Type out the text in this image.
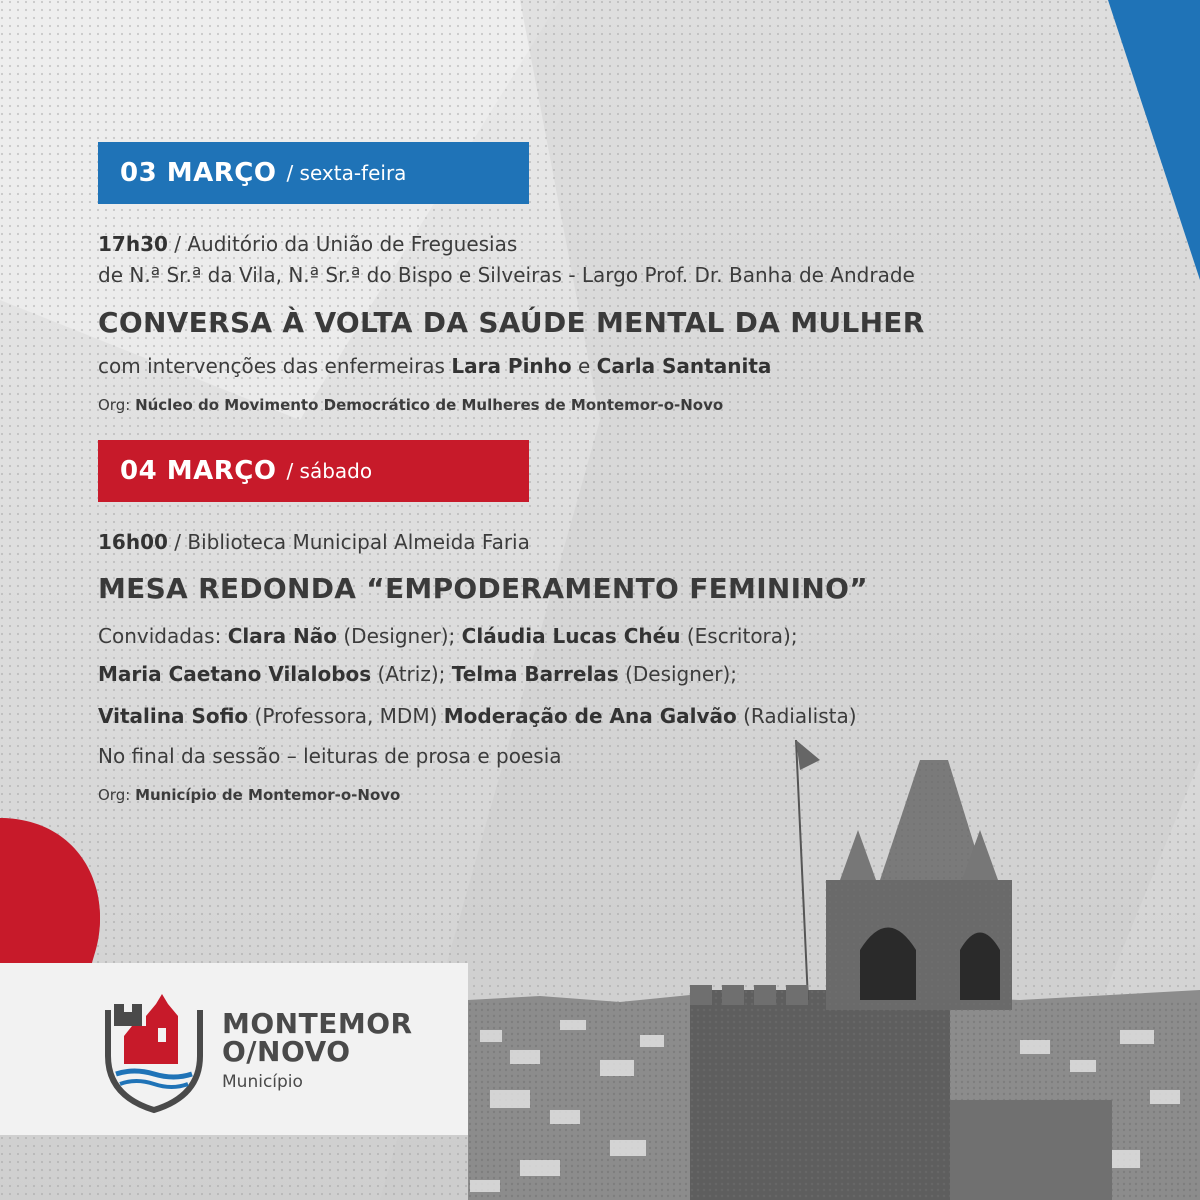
03 MARÇO / sexta-feira
17h30 / Auditório da União de Freguesias
de N.ª Sr.ª da Vila, N.ª Sr.ª do Bispo e Silveiras - Largo Prof. Dr. Banha de Andrade
CONVERSA À VOLTA DA SAÚDE MENTAL DA MULHER
com intervenções das enfermeiras Lara Pinho e Carla Santanita
Org: Núcleo do Movimento Democrático de Mulheres de Montemor-o-Novo
04 MARÇO / sábado
16h00 / Biblioteca Municipal Almeida Faria
MESA REDONDA “EMPODERAMENTO FEMININO”
Convidadas: Clara Não (Designer); Cláudia Lucas Chéu (Escritora);
Maria Caetano Vilalobos (Atriz); Telma Barrelas (Designer);
Vitalina Sofio (Professora, MDM) Moderação de Ana Galvão (Radialista)
No final da sessão – leituras de prosa e poesia
Org: Município de Montemor-o-Novo
MONTEMOR
O/NOVO
Município
